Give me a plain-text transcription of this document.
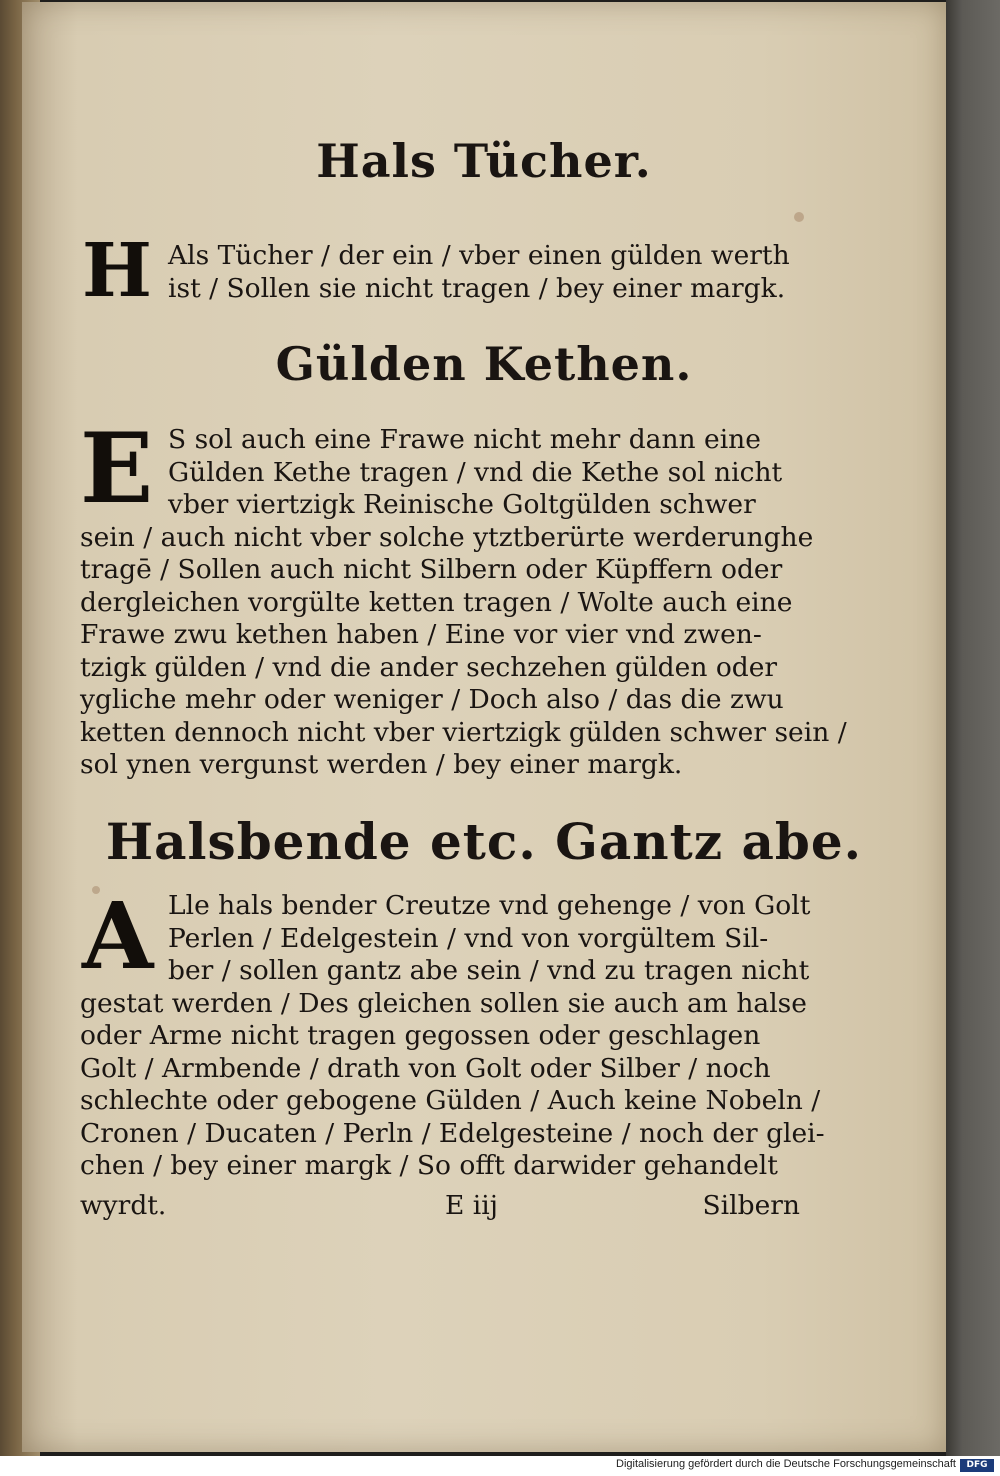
Hals Tücher.
H Als Tücher / der ein / vber einen gülden werth
ist / Sollen sie nicht tragen / bey einer margk.
Gülden Kethen.
E S sol auch eine Frawe nicht mehr dann eine
Gülden Kethe tragen / vnd die Kethe sol nicht
vber viertzigk Reinische Goltgülden schwer
sein / auch nicht vber solche ytztberürte werderunghe
tragē / Sollen auch nicht Silbern oder Küpffern oder
dergleichen vorgülte ketten tragen / Wolte auch eine
Frawe zwu kethen haben / Eine vor vier vnd zwen-
tzigk gülden / vnd die ander sechzehen gülden oder
ygliche mehr oder weniger / Doch also / das die zwu
ketten dennoch nicht vber viertzigk gülden schwer sein /
sol ynen vergunst werden / bey einer margk.
Halsbende etc. Gantz abe.
A Lle hals bender Creutze vnd gehenge / von Golt
Perlen / Edelgestein / vnd von vorgültem Sil-
ber / sollen gantz abe sein / vnd zu tragen nicht
gestat werden / Des gleichen sollen sie auch am halse
oder Arme nicht tragen gegossen oder geschlagen
Golt / Armbende / drath von Golt oder Silber / noch
schlechte oder gebogene Gülden / Auch keine Nobeln /
Cronen / Ducaten / Perln / Edelgesteine / noch der glei-
chen / bey einer margk / So offt darwider gehandelt
wyrdt.	E iij	Silbern
Digitalisierung gefördert durch die Deutsche Forschungsgemeinschaft	DFG
